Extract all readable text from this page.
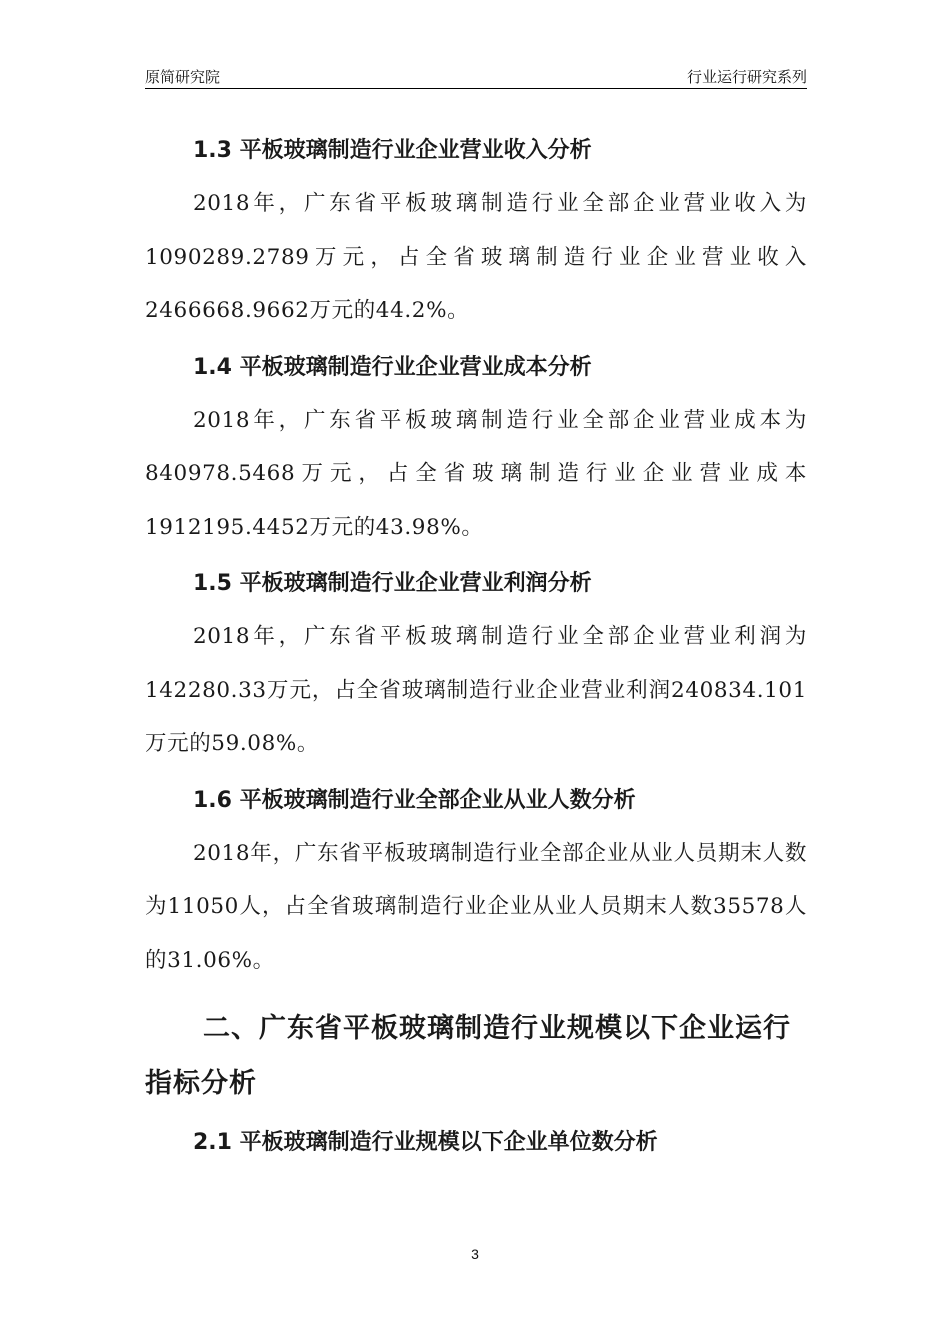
原简研究院	行业运行研究系列
1.3 平板玻璃制造行业企业营业收入分析

2018年，广东省平板玻璃制造行业全部企业营业收入为1090289.2789万元，占全省玻璃制造行业企业营业收入2466668.9662万元的44.2%。

1.4 平板玻璃制造行业企业营业成本分析

2018年，广东省平板玻璃制造行业全部企业营业成本为840978.5468万元，占全省玻璃制造行业企业营业成本1912195.4452万元的43.98%。

1.5 平板玻璃制造行业企业营业利润分析

2018年，广东省平板玻璃制造行业全部企业营业利润为142280.33万元，占全省玻璃制造行业企业营业利润240834.101万元的59.08%。

1.6 平板玻璃制造行业全部企业从业人数分析

2018年，广东省平板玻璃制造行业全部企业从业人员期末人数为11050人，占全省玻璃制造行业企业从业人员期末人数35578人的31.06%。

二、广东省平板玻璃制造行业规模以下企业运行指标分析
2.1 平板玻璃制造行业规模以下企业单位数分析
3
